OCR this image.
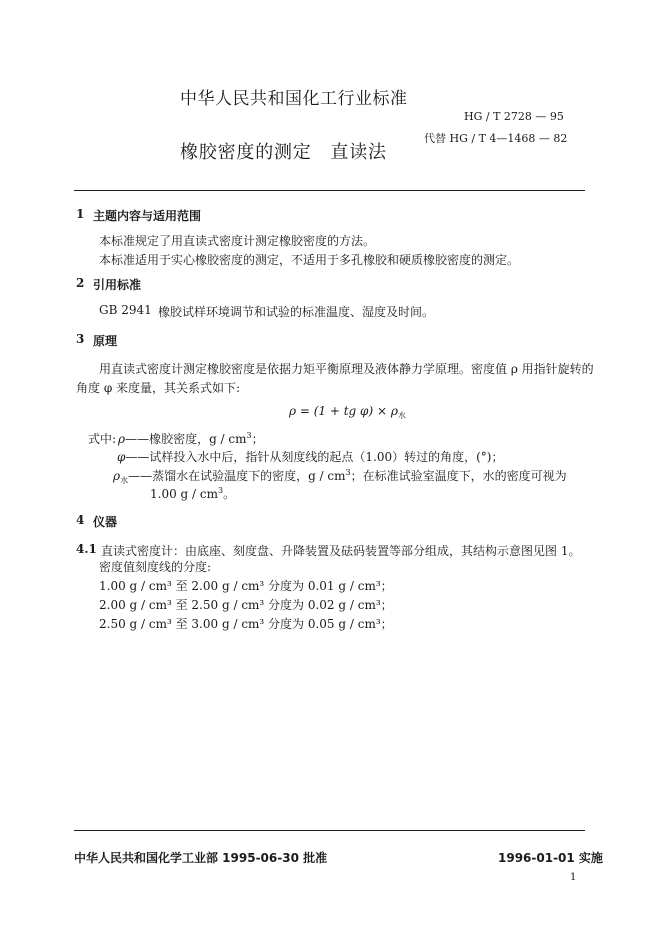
中华人民共和国化工行业标准
HG / T 2728 — 95
代替 HG / T 4—1468 — 82
橡胶密度的测定　直读法
1 主题内容与适用范围
本标准规定了用直读式密度计测定橡胶密度的方法。
本标准适用于实心橡胶密度的测定，不适用于多孔橡胶和硬质橡胶密度的测定。
2 引用标准
GB 2941 橡胶试样环境调节和试验的标准温度、湿度及时间。
3 原理
用直读式密度计测定橡胶密度是依据力矩平衡原理及液体静力学原理。密度值 ρ 用指针旋转的
角度 φ 来度量，其关系式如下:
ρ = (1 + tg $\varphi) \times \rho_水$
式中: ρ——橡胶密度，g / $cm^3$；
φ——试样投入水中后，指针从刻度线的起点（1.00）转过的角度，(°)；
$\rho_水——$蒸馏水在试验温度下的密度，g / $cm^3$；在标准试验室温度下，水的密度可视为
1.00 g / $cm^3$。
4 仪器
4.1 直读式密度计：由底座、刻度盘、升降装置及砝码装置等部分组成，其结构示意图见图 1。
密度值刻度线的分度:
1.00 g / cm³ 至 2.00 g / cm³ 分度为 0.01 g / cm³；
2.00 g / cm³ 至 2.50 g / cm³ 分度为 0.02 g / cm³；
2.50 g / cm³ 至 3.00 g / cm³ 分度为 0.05 g / cm³；
中华人民共和国化学工业部 1995-06-30 批准	1996-01-01 实施
1
